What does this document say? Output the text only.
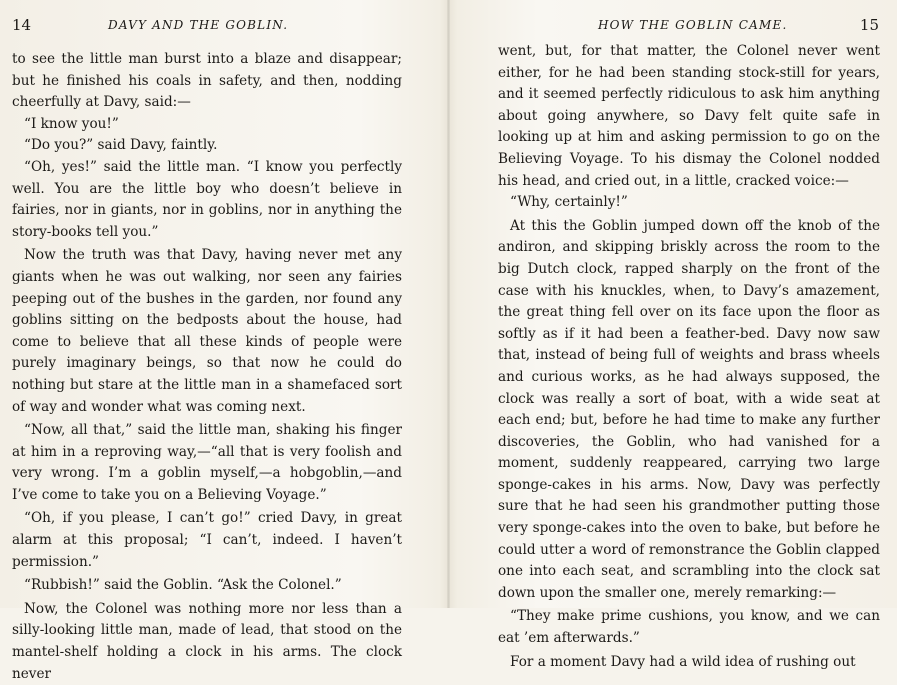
14	DAVY AND THE GOBLIN.

to see the little man burst into a blaze and disappear; but he finished his coals in safety, and then, nodding cheerfully at Davy, said:—

“I know you!”

“Do you?” said Davy, faintly.

“Oh, yes!” said the little man. “I know you perfectly well. You are the little boy who doesn’t believe in fairies, nor in giants, nor in goblins, nor in anything the story-books tell you.”

Now the truth was that Davy, having never met any giants when he was out walking, nor seen any fairies peeping out of the bushes in the garden, nor found any goblins sitting on the bedposts about the house, had come to believe that all these kinds of people were purely imaginary beings, so that now he could do nothing but stare at the little man in a shamefaced sort of way and wonder what was coming next.

“Now, all that,” said the little man, shaking his finger at him in a reproving way,—“all that is very foolish and very wrong. I’m a goblin myself,—a hobgoblin,—and I’ve come to take you on a Believing Voyage.”

“Oh, if you please, I can’t go!” cried Davy, in great alarm at this proposal; “I can’t, indeed. I haven’t permission.”

“Rubbish!” said the Goblin. “Ask the Colonel.”

Now, the Colonel was nothing more nor less than a silly-looking little man, made of lead, that stood on the mantel-shelf holding a clock in his arms. The clock never

HOW THE GOBLIN CAME.	15

went, but, for that matter, the Colonel never went either, for he had been standing stock-still for years, and it seemed perfectly ridiculous to ask him anything about going anywhere, so Davy felt quite safe in looking up at him and asking permission to go on the Believing Voyage. To his dismay the Colonel nodded his head, and cried out, in a little, cracked voice:—

“Why, certainly!”

At this the Goblin jumped down off the knob of the andiron, and skipping briskly across the room to the big Dutch clock, rapped sharply on the front of the case with his knuckles, when, to Davy’s amazement, the great thing fell over on its face upon the floor as softly as if it had been a feather-bed. Davy now saw that, instead of being full of weights and brass wheels and curious works, as he had always supposed, the clock was really a sort of boat, with a wide seat at each end; but, before he had time to make any further discoveries, the Goblin, who had vanished for a moment, suddenly reappeared, carrying two large sponge-cakes in his arms. Now, Davy was perfectly sure that he had seen his grandmother putting those very sponge-cakes into the oven to bake, but before he could utter a word of remonstrance the Goblin clapped one into each seat, and scrambling into the clock sat down upon the smaller one, merely remarking:—

“They make prime cushions, you know, and we can eat ’em afterwards.”

For a moment Davy had a wild idea of rushing out
